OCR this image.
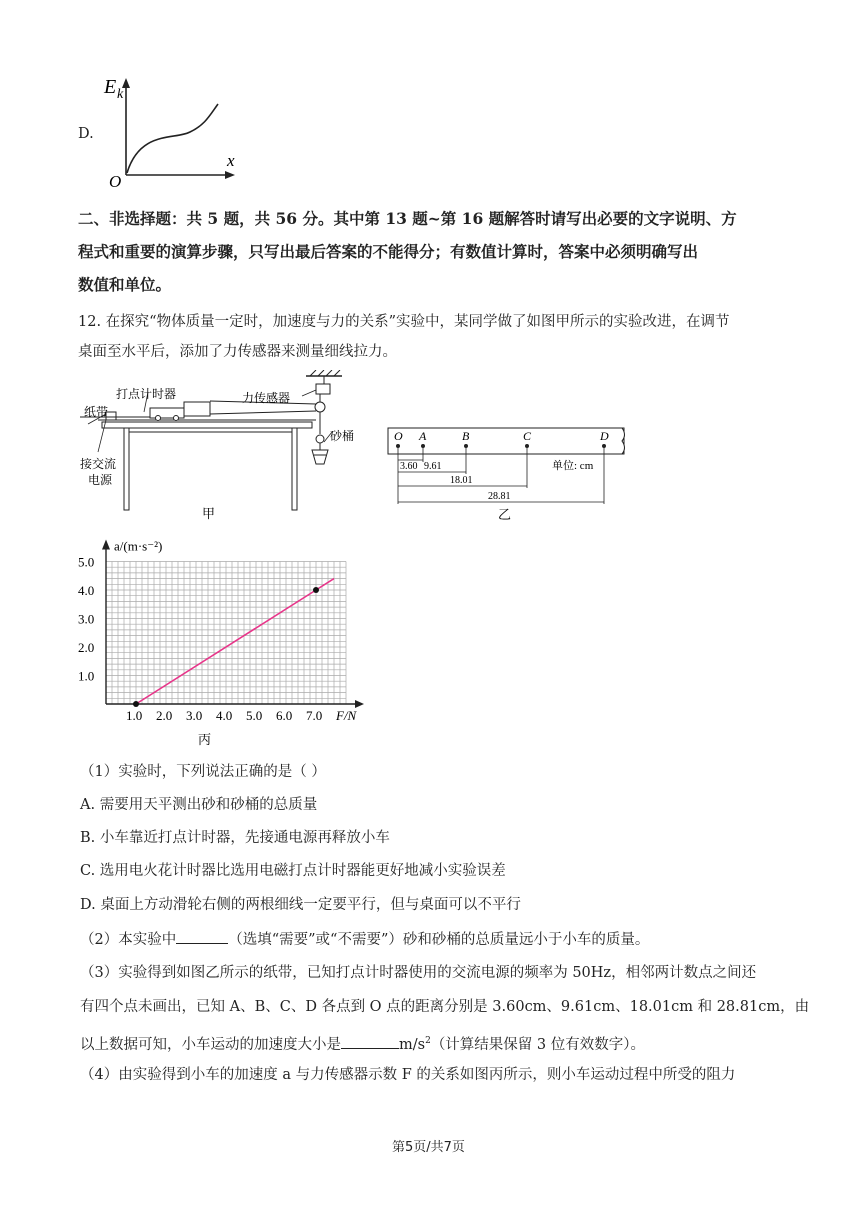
D.
E k
x
O
二、非选择题：共 5 题，共 56 分。其中第 13 题~第 16 题解答时请写出必要的文字说明、方
程式和重要的演算步骤，只写出最后答案的不能得分；有数值计算时，答案中必须明确写出
数值和单位。
12. 在探究“物体质量一定时，加速度与力的关系”实验中，某同学做了如图甲所示的实验改进，在调节
桌面至水平后，添加了力传感器来测量细线拉力。
打点计时器	力传感器
纸带
接交流
电源
砂桶
甲
O A	B	C	D
单位: cm
3.60 9.61
18.01
28.81
乙
1.0 2.0 3.0 4.0 5.0 6.0 7.0
1.0
2.0
3.0
4.0
5.0
a/(m·s⁻²)
F/N
丙
（1）实验时，下列说法正确的是（ ）
A. 需要用天平测出砂和砂桶的总质量
B. 小车靠近打点计时器，先接通电源再释放小车
C. 选用电火花计时器比选用电磁打点计时器能更好地减小实验误差
D. 桌面上方动滑轮右侧的两根细线一定要平行，但与桌面可以不平行
（2）本实验中	（选填“需要”或“不需要”）砂和砂桶的总质量远小于小车的质量。
（3）实验得到如图乙所示的纸带，已知打点计时器使用的交流电源的频率为 50Hz，相邻两计数点之间还
有四个点未画出，已知 A、B、C、D 各点到 O 点的距离分别是 3.60cm、9.61cm、18.01cm 和 28.81cm，由
以上数据可知，小车运动的加速度大小是	$m/s^2$（计算结果保留 3 位有效数字）。
（4）由实验得到小车的加速度 a 与力传感器示数 F 的关系如图丙所示，则小车运动过程中所受的阻力
第5页/共7页
